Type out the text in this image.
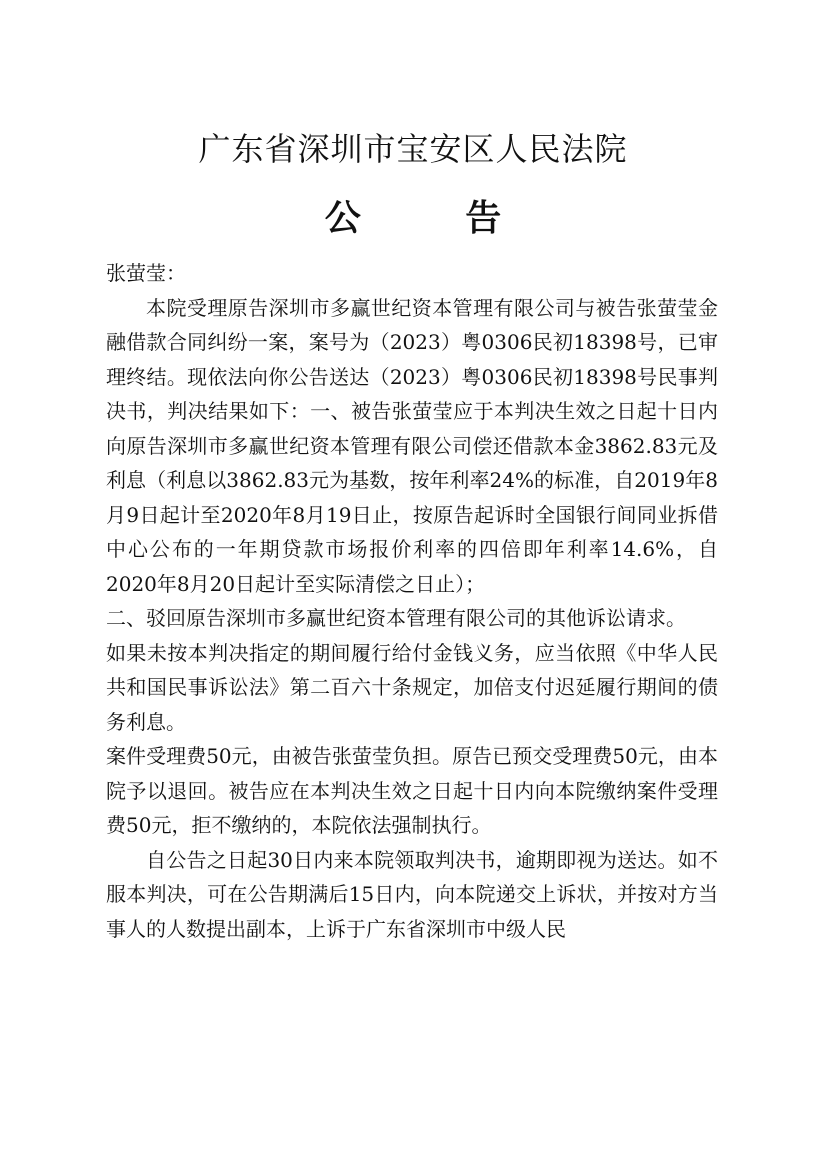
广东省深圳市宝安区人民法院
公 告

张萤莹：

本院受理原告深圳市多赢世纪资本管理有限公司与被告张萤莹金融借款合同纠纷一案，案号为（2023）粤0306民初18398号，已审理终结。现依法向你公告送达（2023）粤0306民初18398号民事判决书，判决结果如下：一、被告张萤莹应于本判决生效之日起十日内向原告深圳市多赢世纪资本管理有限公司偿还借款本金3862.83元及利息（利息以3862.83元为基数，按年利率24%的标准，自2019年8月9日起计至2020年8月19日止，按原告起诉时全国银行间同业拆借中心公布的一年期贷款市场报价利率的四倍即年利率14.6%，自2020年8月20日起计至实际清偿之日止）；

二、驳回原告深圳市多赢世纪资本管理有限公司的其他诉讼请求。

如果未按本判决指定的期间履行给付金钱义务，应当依照《中华人民共和国民事诉讼法》第二百六十条规定，加倍支付迟延履行期间的债务利息。

案件受理费50元，由被告张萤莹负担。原告已预交受理费50元，由本院予以退回。被告应在本判决生效之日起十日内向本院缴纳案件受理费50元，拒不缴纳的，本院依法强制执行。

自公告之日起30日内来本院领取判决书，逾期即视为送达。如不服本判决，可在公告期满后15日内，向本院递交上诉状，并按对方当事人的人数提出副本，上诉于广东省深圳市中级人民
